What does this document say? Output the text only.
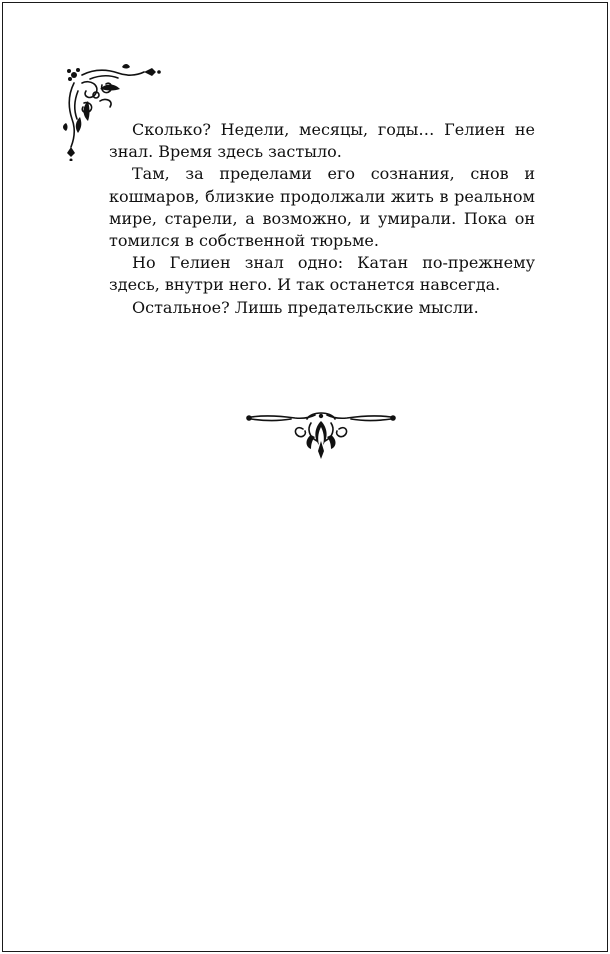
Сколько? Недели, месяцы, годы… Гелиен не знал. Время здесь застыло.

Там, за пределами его сознания, снов и кошмаров, близкие продолжали жить в реальном мире, старели, а возможно, и умирали. Пока он томился в собственной тюрьме.

Но Гелиен знал одно: Катан по-прежнему здесь, внутри него. И так останется навсегда.

Остальное? Лишь предательские мысли.
